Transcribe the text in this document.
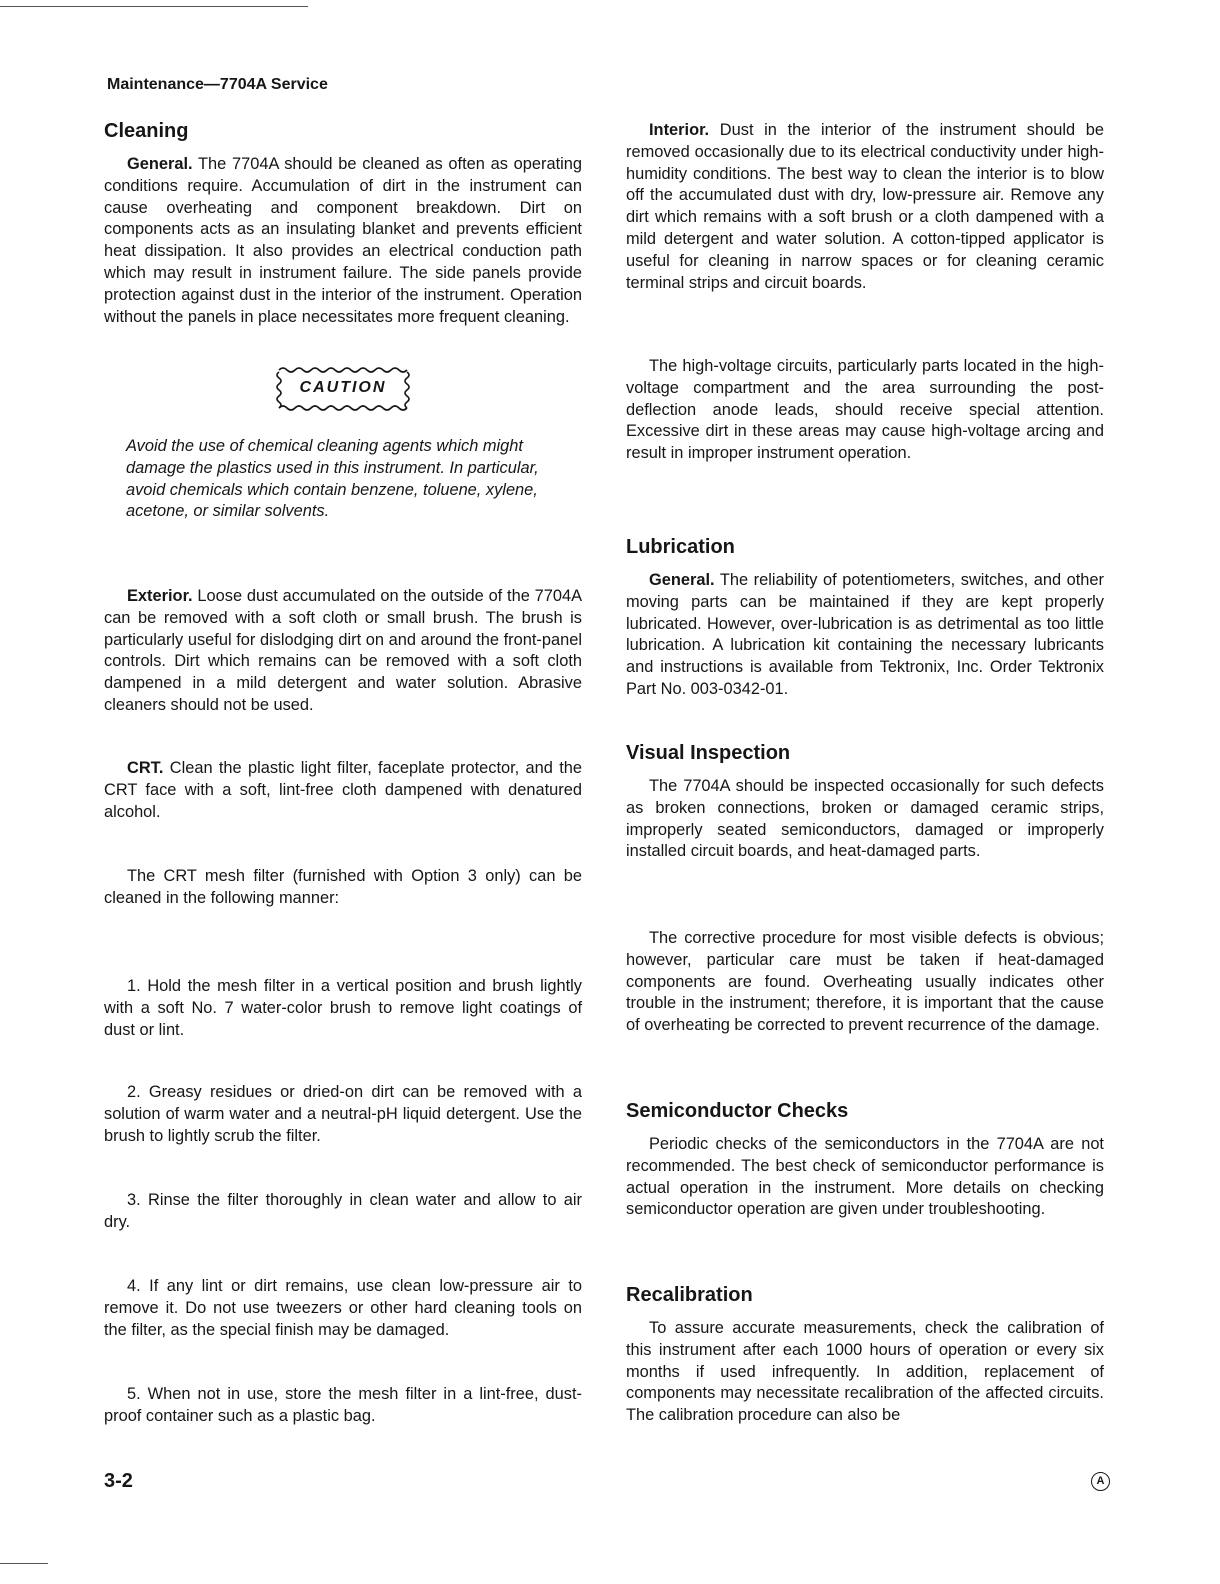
Maintenance—7704A Service
Cleaning

General. The 7704A should be cleaned as often as operating conditions require. Accumulation of dirt in the instrument can cause overheating and component breakdown. Dirt on components acts as an insulating blanket and prevents efficient heat dissipation. It also provides an electrical conduction path which may result in instrument failure. The side panels provide protection against dust in the interior of the instrument. Operation without the panels in place necessitates more frequent cleaning.

CAUTION

Avoid the use of chemical cleaning agents which might damage the plastics used in this instrument. In particular, avoid chemicals which contain benzene, toluene, xylene, acetone, or similar solvents.

Exterior. Loose dust accumulated on the outside of the 7704A can be removed with a soft cloth or small brush. The brush is particularly useful for dislodging dirt on and around the front-panel controls. Dirt which remains can be removed with a soft cloth dampened in a mild detergent and water solution. Abrasive cleaners should not be used.

CRT. Clean the plastic light filter, faceplate protector, and the CRT face with a soft, lint-free cloth dampened with denatured alcohol.

The CRT mesh filter (furnished with Option 3 only) can be cleaned in the following manner:

1. Hold the mesh filter in a vertical position and brush lightly with a soft No. 7 water-color brush to remove light coatings of dust or lint.

2. Greasy residues or dried-on dirt can be removed with a solution of warm water and a neutral-pH liquid detergent. Use the brush to lightly scrub the filter.

3. Rinse the filter thoroughly in clean water and allow to air dry.

4. If any lint or dirt remains, use clean low-pressure air to remove it. Do not use tweezers or other hard cleaning tools on the filter, as the special finish may be damaged.

5. When not in use, store the mesh filter in a lint-free, dust-proof container such as a plastic bag.

Interior. Dust in the interior of the instrument should be removed occasionally due to its electrical conductivity under high-humidity conditions. The best way to clean the interior is to blow off the accumulated dust with dry, low-pressure air. Remove any dirt which remains with a soft brush or a cloth dampened with a mild detergent and water solution. A cotton-tipped applicator is useful for cleaning in narrow spaces or for cleaning ceramic terminal strips and circuit boards.

The high-voltage circuits, particularly parts located in the high-voltage compartment and the area surrounding the post-deflection anode leads, should receive special attention. Excessive dirt in these areas may cause high-voltage arcing and result in improper instrument operation.

Lubrication

General. The reliability of potentiometers, switches, and other moving parts can be maintained if they are kept properly lubricated. However, over-lubrication is as detrimental as too little lubrication. A lubrication kit containing the necessary lubricants and instructions is available from Tektronix, Inc. Order Tektronix Part No. 003-0342-01.

Visual Inspection

The 7704A should be inspected occasionally for such defects as broken connections, broken or damaged ceramic strips, improperly seated semiconductors, damaged or improperly installed circuit boards, and heat-damaged parts.

The corrective procedure for most visible defects is obvious; however, particular care must be taken if heat-damaged components are found. Overheating usually indicates other trouble in the instrument; therefore, it is important that the cause of overheating be corrected to prevent recurrence of the damage.

Semiconductor Checks

Periodic checks of the semiconductors in the 7704A are not recommended. The best check of semiconductor performance is actual operation in the instrument. More details on checking semiconductor operation are given under troubleshooting.

Recalibration

To assure accurate measurements, check the calibration of this instrument after each 1000 hours of operation or every six months if used infrequently. In addition, replacement of components may necessitate recalibration of the affected circuits. The calibration procedure can also be

3-2	A
